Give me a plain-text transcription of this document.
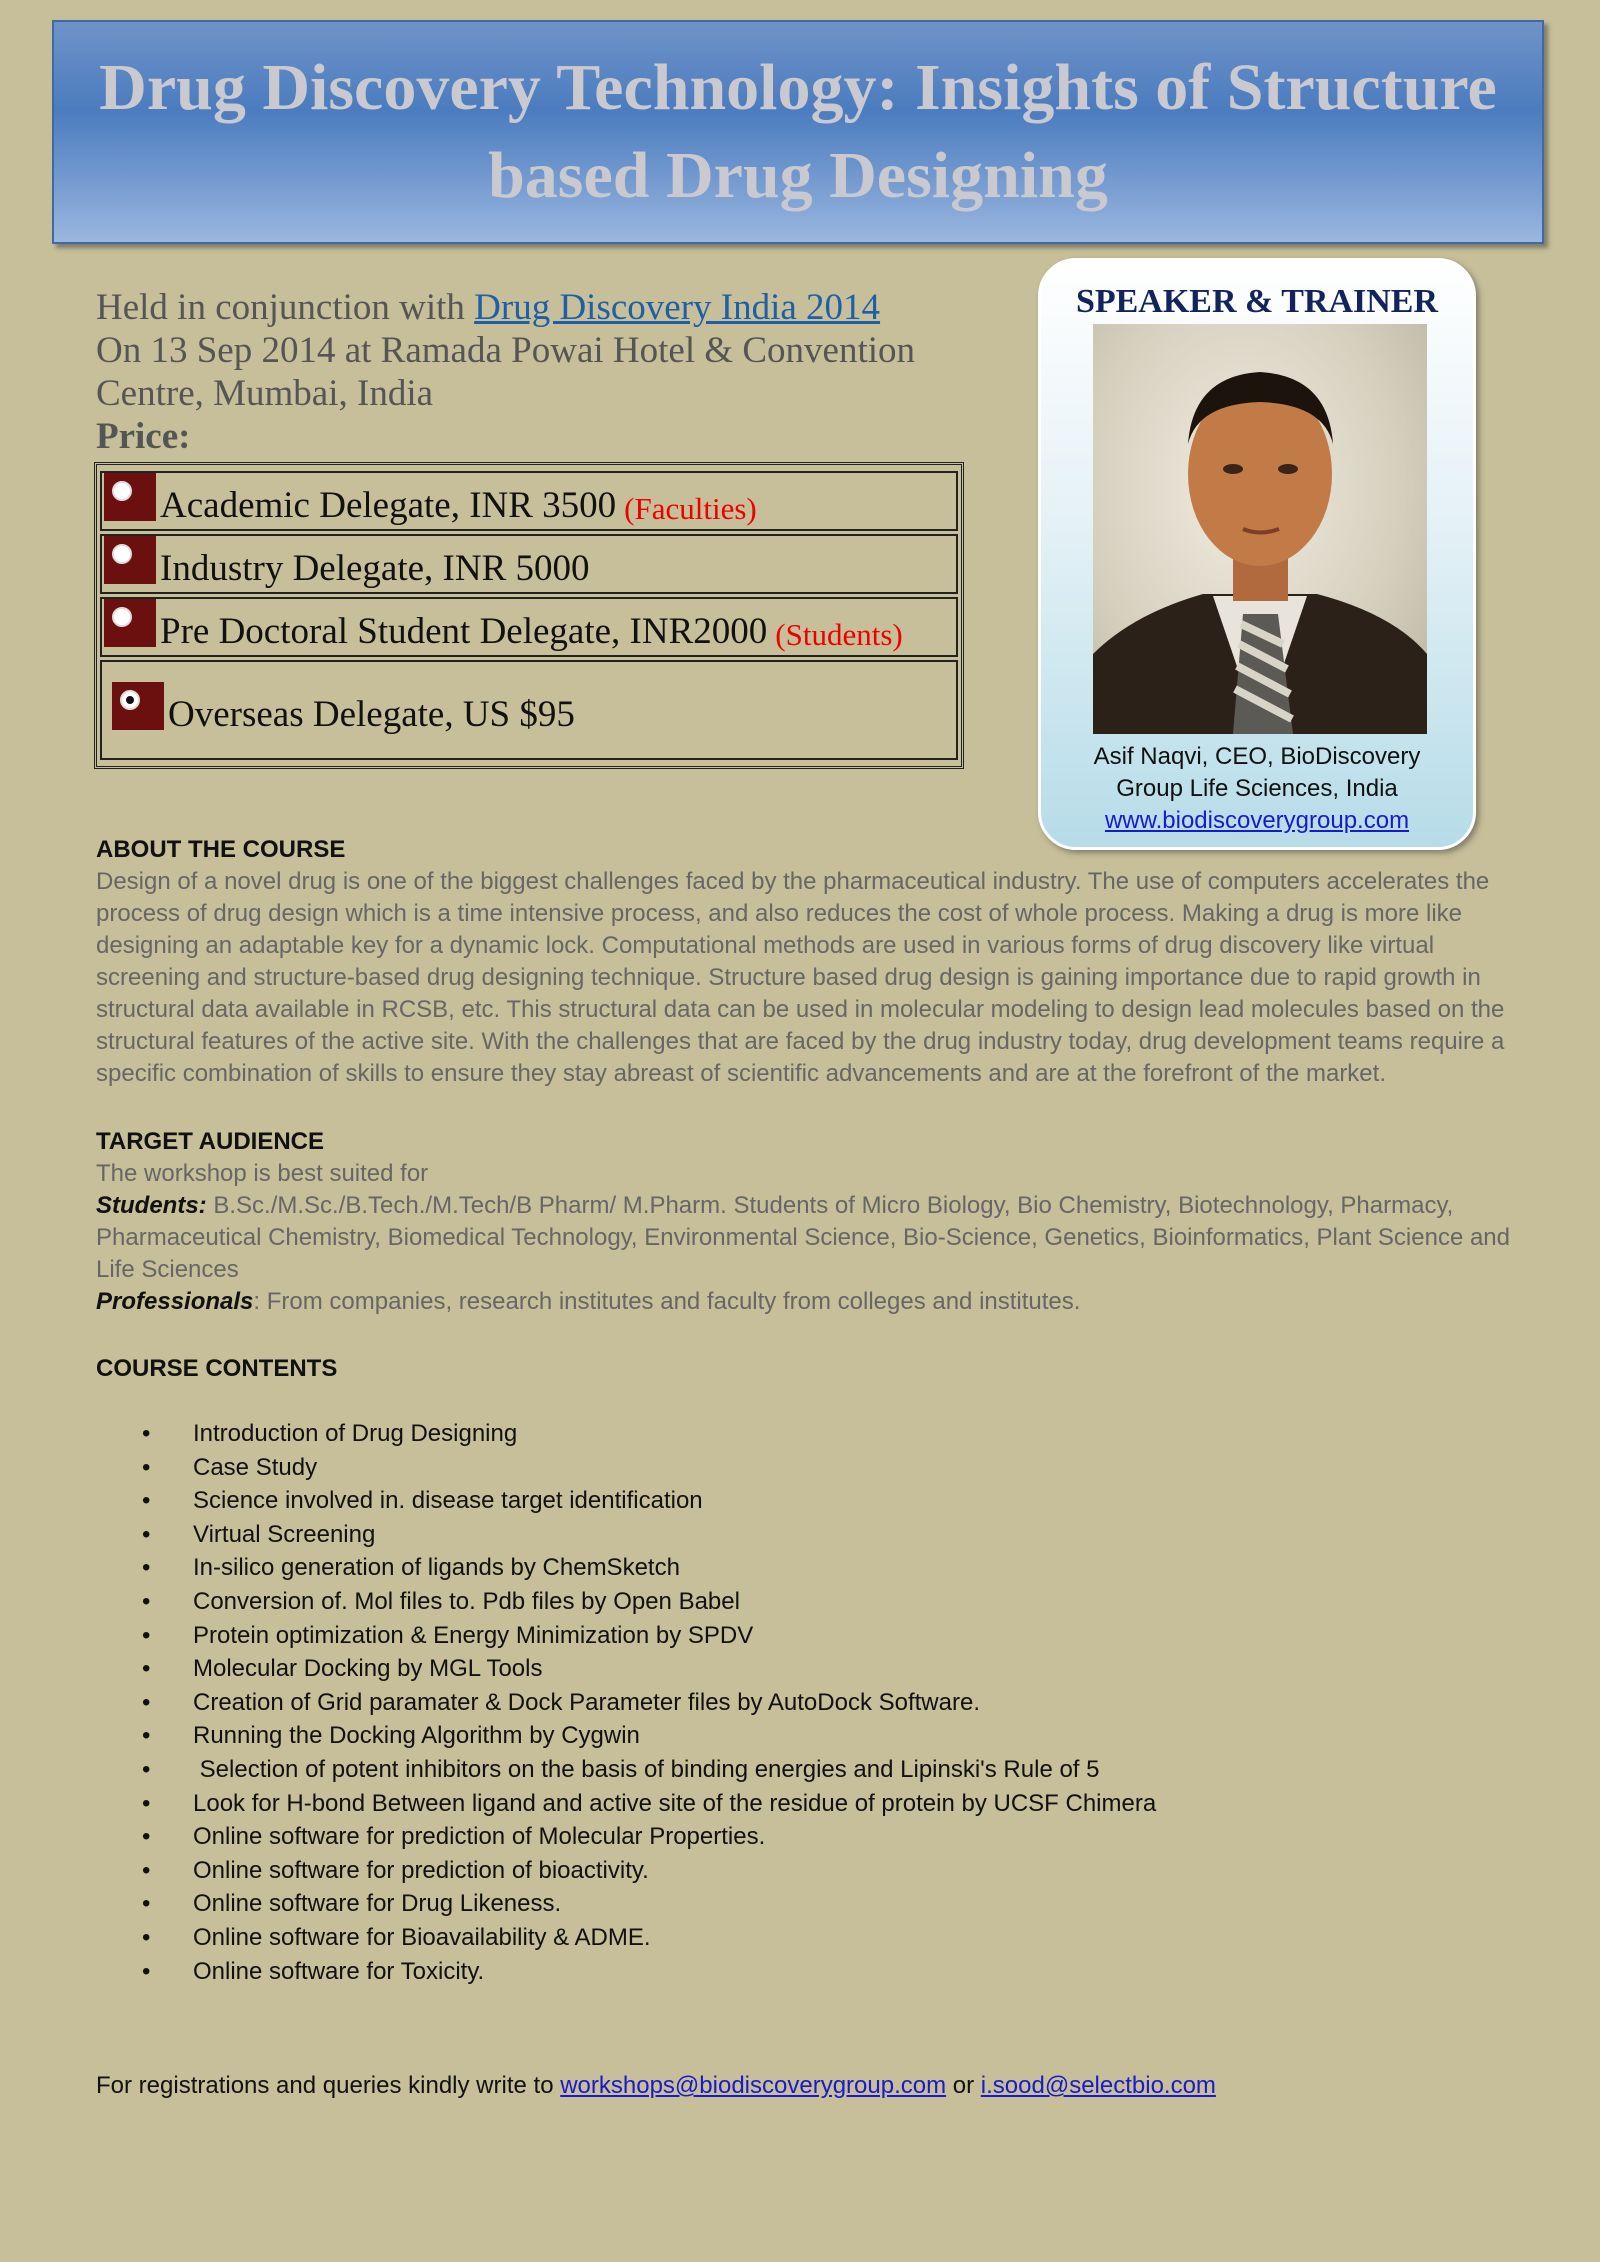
Drug Discovery Technology: Insights of Structure
based Drug Designing
Held in conjunction with Drug Discovery India 2014
On 13 Sep 2014 at Ramada Powai Hotel & Convention
Centre, Mumbai, India
Price:
Academic Delegate, INR 3500 (Faculties)
Industry Delegate, INR 5000
Pre Doctoral Student Delegate, INR2000 (Students)
Overseas Delegate, US $95
SPEAKER & TRAINER
Asif Naqvi, CEO, BioDiscovery
Group Life Sciences, India
www.biodiscoverygroup.com
ABOUT THE COURSE

Design of a novel drug is one of the biggest challenges faced by the pharmaceutical industry. The use of computers accelerates the process of drug design which is a time intensive process, and also reduces the cost of whole process. Making a drug is more like designing an adaptable key for a dynamic lock. Computational methods are used in various forms of drug discovery like virtual screening and structure-based drug designing technique. Structure based drug design is gaining importance due to rapid growth in structural data available in RCSB, etc. This structural data can be used in molecular modeling to design lead molecules based on the structural features of the active site. With the challenges that are faced by the drug industry today, drug development teams require a specific combination of skills to ensure they stay abreast of scientific advancements and are at the forefront of the market.

TARGET AUDIENCE

The workshop is best suited for

Students: B.Sc./M.Sc./B.Tech./M.Tech/B Pharm/ M.Pharm. Students of Micro Biology, Bio Chemistry, Biotechnology, Pharmacy, Pharmaceutical Chemistry, Biomedical Technology, Environmental Science, Bio-Science, Genetics, Bioinformatics, Plant Science and Life Sciences

Professionals: From companies, research institutes and faculty from colleges and institutes.

COURSE CONTENTS
• Introduction of Drug Designing
• Case Study
• Science involved in. disease target identification
• Virtual Screening
• In-silico generation of ligands by ChemSketch
• Conversion of. Mol files to. Pdb files by Open Babel
• Protein optimization & Energy Minimization by SPDV
• Molecular Docking by MGL Tools
• Creation of Grid paramater & Dock Parameter files by AutoDock Software.
• Running the Docking Algorithm by Cygwin
•  Selection of potent inhibitors on the basis of binding energies and Lipinski's Rule of 5
• Look for H-bond Between ligand and active site of the residue of protein by UCSF Chimera
• Online software for prediction of Molecular Properties.
• Online software for prediction of bioactivity.
• Online software for Drug Likeness.
• Online software for Bioavailability & ADME.
• Online software for Toxicity.
For registrations and queries kindly write to workshops@biodiscoverygroup.com or i.sood@selectbio.com
